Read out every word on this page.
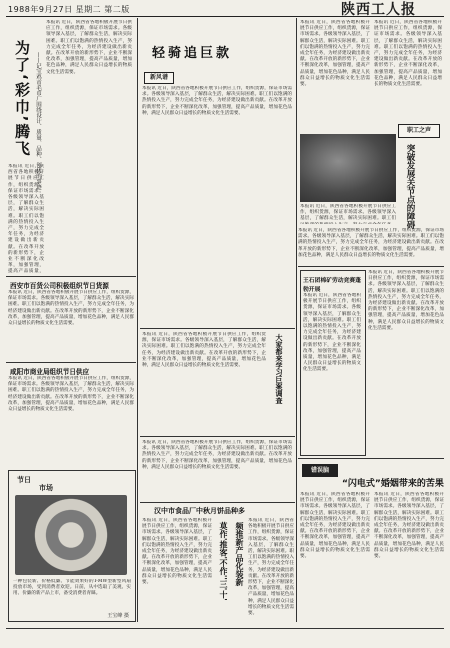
1988年9月27日 星期二 第二版	陕西工人报
为了‘彩巾’腾飞 ——记宝鸡市毛巾厂围绕设计、质量、品种、创优的事迹
本报讯 近日，陕西省各地积极开展节日供应工作，组织货源，保证市场需求。各级领导深入基层，了解群众生活，解决实际困难。职工们以饱满的热情投入生产，努力完成全年任务，为经济建设做出新贡献。在改革开放的新形势下，企业不断深化改革，加强管理，提高产品质量，增加花色品种，满足人民群众日益增长的物质文化生活需要。
本报讯 近日，陕西省各地积极开展节日供应工作，组织货源，保证市场需求。各级领导深入基层，了解群众生活，解决实际困难。职工们以饱满的热情投入生产，努力完成全年任务，为经济建设做出新贡献。在改革开放的新形势下，企业不断深化改革，加强管理，提高产品质量，
西安市百货公司积极组织节日货源
本报讯 近日，陕西省各地积极开展节日供应工作，组织货源，保证市场需求。各级领导深入基层，了解群众生活，解决实际困难。职工们以饱满的热情投入生产，努力完成全年任务，为经济建设做出新贡献。在改革开放的新形势下，企业不断深化改革，加强管理，提高产品质量，增加花色品种，满足人民群众日益增长的物质文化生活需要。
咸阳市商业局组织节日供应
本报讯 近日，陕西省各地积极开展节日供应工作，组织货源，保证市场需求。各级领导深入基层，了解群众生活，解决实际困难。职工们以饱满的热情投入生产，努力完成全年任务，为经济建设做出新贡献。在改革开放的新形势下，企业不断深化改革，加强管理，提高产品质量，增加花色品种，满足人民群众日益增长的物质文化生活需要。
节日
市场
一种包装新、价格低廉、节能效果好的T-MW型新型风扇投放市场，受到消费者欢迎。日前，从中选取了美观、实用、价廉的新产品上市，备受消费者青睐。
王宝峰 摄
轻骑追巨款
新风谱
本报讯 近日，陕西省各地积极开展节日供应工作，组织货源，保证市场需求。各级领导深入基层，了解群众生活，解决实际困难。职工们以饱满的热情投入生产，努力完成全年任务，为经济建设做出新贡献。在改革开放的新形势下，企业不断深化改革，加强管理，提高产品质量，增加花色品种，满足人民群众日益增长的物质文化生活需要。
本报讯 近日，陕西省各地积极开展节日供应工作，组织货源，保证市场需求。各级领导深入基层，了解群众生活，解决实际困难。职工们以饱满的热情投入生产，努力完成全年任务，为经济建设做出新贡献。在改革开放的新形势下，企业不断深化改革，加强管理，提高产品质量，增加花色品种，满足人民群众日益增长的物质文化生活需要。	大家都来学习巨案调查
本报讯 近日，陕西省各地积极开展节日供应工作，组织货源，保证市场需求。各级领导深入基层，了解群众生活，解决实际困难。职工们以饱满的热情投入生产，努力完成全年任务，为经济建设做出新贡献。在改革开放的新形势下，企业不断深化改革，加强管理，提高产品质量，增加花色品种，满足人民群众日益增长的物质文化生活需要。
汉中市食品厂中秋月饼品种多
本报讯 近日，陕西省各地积极开展节日供应工作，组织货源，保证市场需求。各级领导深入基层，了解群众生活，解决实际困难。职工们以饱满的热情投入生产，努力完成全年任务，为经济建设做出新贡献。在改革开放的新形势下，企业不断深化改革，加强管理，提高产品质量，增加花色品种，满足人民群众日益增长的物质文化生活需要。	莫作'推客'不作''三'十' 频推新产品化装新
本报讯 近日，陕西省各地积极开展节日供应工作，组织货源，保证市场需求。各级领导深入基层，了解群众生活，解决实际困难。职工们以饱满的热情投入生产，努力完成全年任务，为经济建设做出新贡献。在改革开放的新形势下，企业不断深化改革，加强管理，提高产品质量，增加花色品种，满足人民群众日益增长的物质文化生活需要。
本报讯 近日，陕西省各地积极开展节日供应工作，组织货源，保证市场需求。各级领导深入基层，了解群众生活，解决实际困难。职工们以饱满的热情投入生产，努力完成全年任务，为经济建设做出新贡献。在改革开放的新形势下，企业不断深化改革，加强管理，提高产品质量，增加花色品种，满足人民群众日益增长的物质文化生活需要。
本报讯 近日，陕西省各地积极开展节日供应工作，组织货源，保证市场需求。各级领导深入基层，了解群众生活，解决实际困难。职工们 突破发展关节点的障碍
职工之声
本报讯 近日，陕西省各地积极开展节日供应工作，组织货源，保证市场需求。各级领导深入基层，了解群众生活，解决实际困难。职工们以饱满的热情投入生产，努力完成全年任务，为经济建设做出新贡献。在改革开放的新形势下，企业不断深化改革，加强管理，提高产品质量，增加花色品种，满足人民群众日益增长的物质文化生活需要。
本报讯 近日，陕西省各地积极开展节日供应工作，组织货源，保证市场需求。各级领导深入基层，了解群众生活，解决实际困难。职工们以饱满的热情投入生产，努力完成全年任务，为经济建设做出新贡献。在改革开放的新形势下，企业不断深化改革，加强管理，提高产品质量，增加花色品种，满足人民群众日益增长的物质文化生活需要。
王石团棉矿劳动竞赛蓬勃开展
本报讯 近日，陕西省各地积极开展节日供应工作，组织货源，保证市场需求。各级领导深入基层，了解群众生活，解决实际困难。职工们以饱满的热情投入生产，努力完成全年任务，为经济建设做出新贡献。在改革开放的新形势下，企业不断深化改革，加强管理，提高产品质量，增加花色品种，满足人民群众日益增长的物质文化生活需要。
本报讯 近日，陕西省各地积极开展节日供应工作，组织货源，保证市场需求。各级领导深入基层，了解群众生活，解决实际困难。职工们以饱满的热情投入生产，努力完成全年任务，为经济建设做出新贡献。在改革开放的新形势下，企业不断深化改革，加强管理，提高产品质量，增加花色品种，满足人民群众日益增长的物质文化生活需要。
错误脑
“闪电式”婚姻带来的苦果
本报讯 近日，陕西省各地积极开展节日供应工作，组织货源，保证市场需求。各级领导深入基层，了解群众生活，解决实际困难。职工们以饱满的热情投入生产，努力完成全年任务，为经济建设做出新贡献。在改革开放的新形势下，企业不断深化改革，加强管理，提高产品质量，增加花色品种，满足人民群众日益增长的物质文化生活需要。
本报讯 近日，陕西省各地积极开展节日供应工作，组织货源，保证市场需求。各级领导深入基层，了解群众生活，解决实际困难。职工们以饱满的热情投入生产，努力完成全年任务，为经济建设做出新贡献。在改革开放的新形势下，企业不断深化改革，加强管理，提高产品质量，增加花色品种，满足人民群众日益增长的物质文化生活需要。
